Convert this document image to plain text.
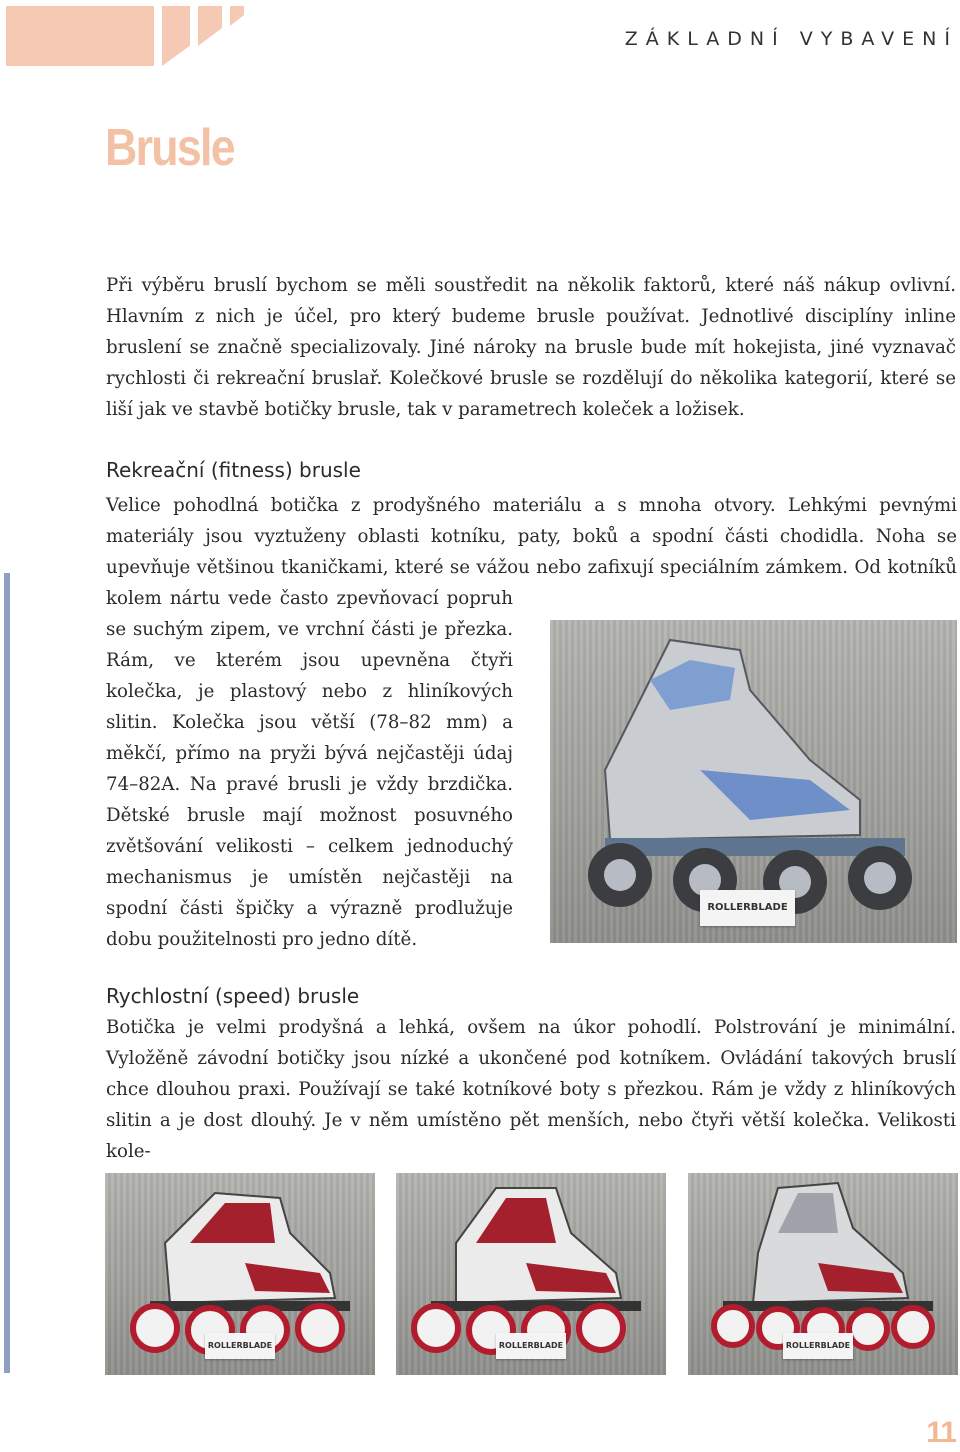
ZÁKLADNÍ VYBAVENÍ
Brusle

Při výběru bruslí bychom se měli soustředit na několik faktorů, které náš nákup ovlivní. Hlavním z nich je účel, pro který budeme brusle používat. Jednotlivé disciplíny inline bruslení se značně specializovaly. Jiné nároky na brusle bude mít hokejista, jiné vyznavač rychlosti či rekreační bruslař. Kolečkové brusle se rozdělují do několika kategorií, které se liší jak ve stavbě botičky brusle, tak v parametrech koleček a ložisek.

Rekreační (fitness) brusle
ROLLERBLADE

Velice pohodlná botička z prodyšného materiálu a s mnoha otvory. Lehkými pevnými materiály jsou vyztuženy oblasti kotníku, paty, boků a spodní části chodidla. Noha se upevňuje většinou tkaničkami, které se vážou nebo zafixují speciálním zámkem. Od kotníků kolem nártu vede často zpevňovací popruh se suchým zipem, ve vrchní části je přezka. Rám, ve kterém jsou upevněna čtyři kolečka, je plastový nebo z hliníkových slitin. Kolečka jsou větší (78–82 mm) a měkčí, přímo na pryži bývá nejčastěji údaj 74–82A. Na pravé brusli je vždy brzdička. Dětské brusle mají možnost posuvného zvětšování velikosti – celkem jednoduchý mechanismus je umístěn nejčastěji na spodní části špičky a výrazně prodlužuje dobu použitelnosti pro jedno dítě.
Rychlostní (speed) brusle

Botička je velmi prodyšná a lehká, ovšem na úkor pohodlí. Polstrování je minimální. Vyložěně závodní botičky jsou nízké a ukončené pod kotníkem. Ovládání takových bruslí chce dlouhou praxi. Používají se také kotníkové boty s přezkou. Rám je vždy z hliníkových slitin a je dost dlouhý. Je v něm umístěno pět menších, nebo čtyři větší kolečka. Velikosti kole-

ROLLERBLADE	ROLLERBLADE	ROLLERBLADE
11
